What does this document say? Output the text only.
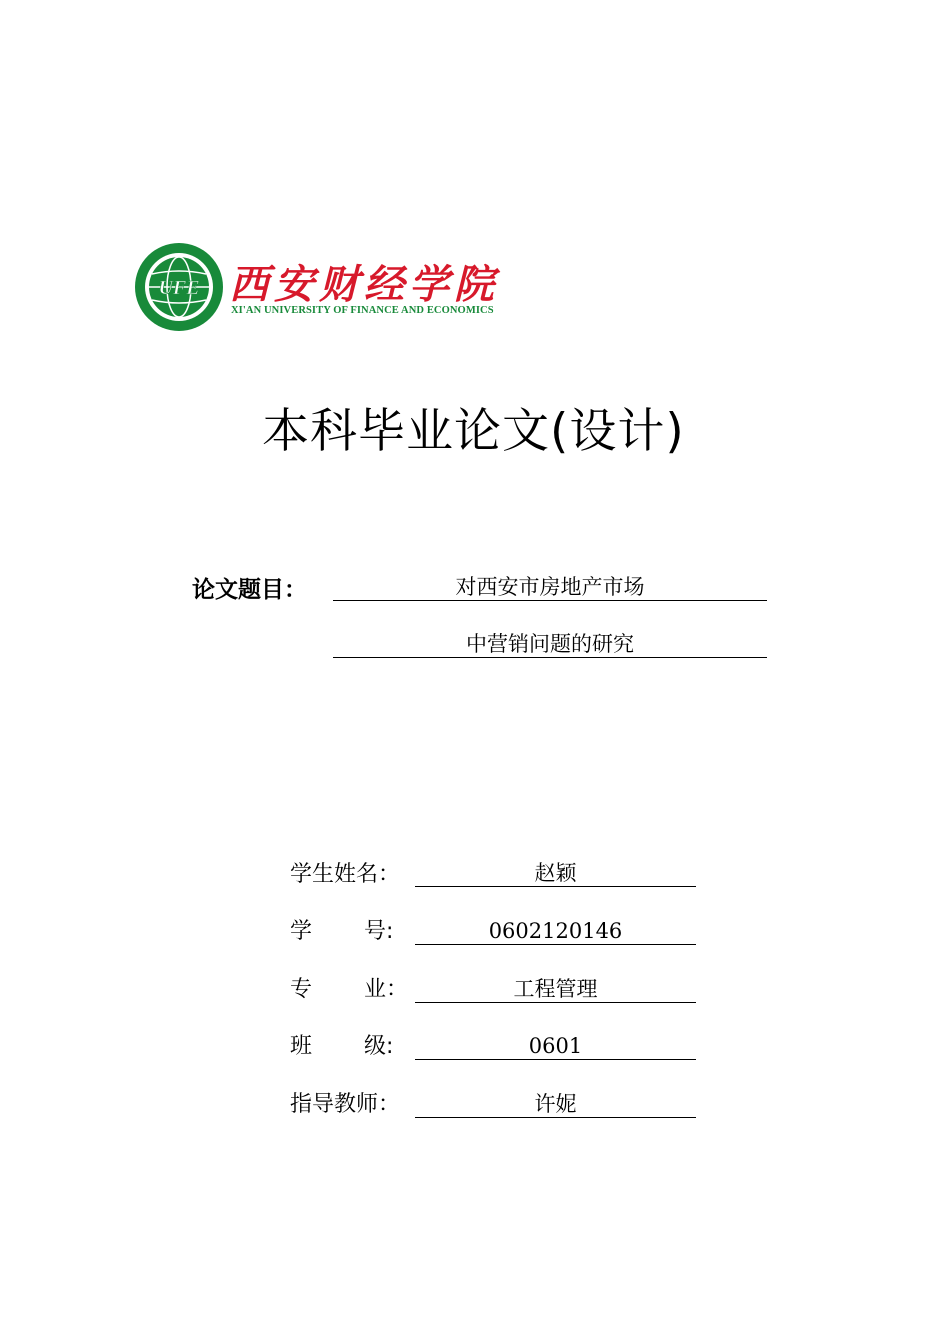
UFE 西安财经学院
XI'AN UNIVERSITY OF FINANCE AND ECONOMICS
本科毕业论文(设计)
论文题目：	对西安市房地产市场
中营销问题的研究
学生姓名：	赵颖
学 号:	0602120146
专 业：	工程管理
班 级:	0601
指导教师：	许妮
